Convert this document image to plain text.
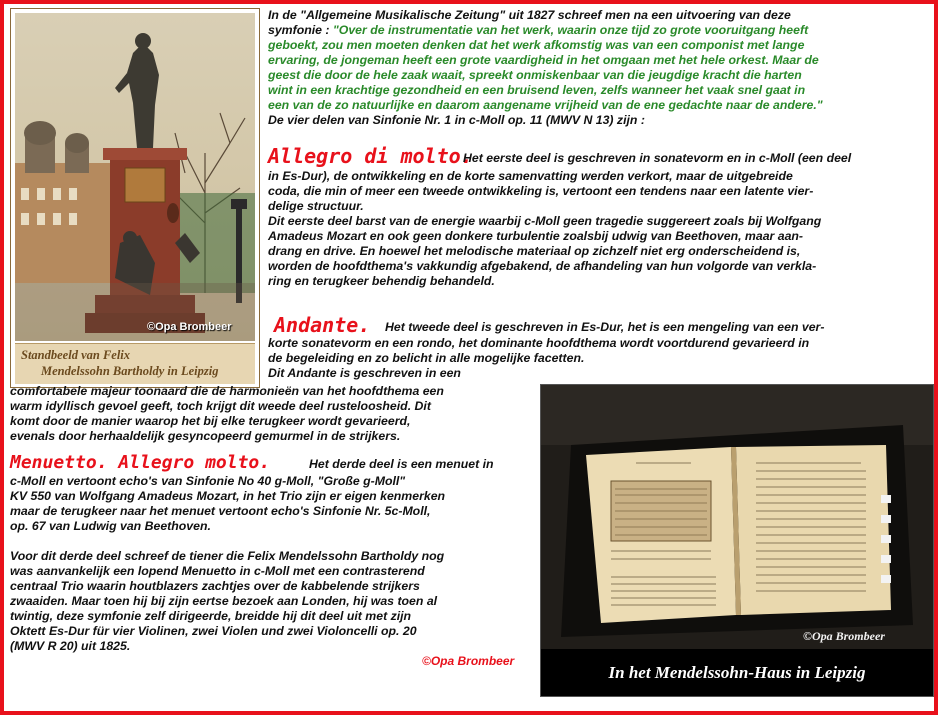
©Opa Brombeer
Standbeeld van Felix
Mendelssohn Bartholdy in Leipzig
In de "Allgemeine Musikalische Zeitung" uit 1827 schreef men na een uitvoering van deze
symfonie : "Over de instrumentatie van het werk, waarin onze tijd zo grote vooruitgang heeft
geboekt, zou men moeten denken dat het werk afkomstig was van een componist met lange
ervaring, de jongeman heeft een grote vaardigheid in het omgaan met het hele orkest. Maar de
geest die door de hele zaak waait, spreekt onmiskenbaar van die jeugdige kracht die harten
wint in een krachtige gezondheid en een bruisend leven, zelfs wanneer het vaak snel gaat in
een van de zo natuurlijke en daarom aangename vrijheid van de ene gedachte naar de andere."
De vier delen van Sinfonie Nr. 1 in c-Moll op. 11 (MWV N 13) zijn :
Allegro di molto.
Het eerste deel is geschreven in sonatevorm en in c-Moll (een deel
in Es-Dur), de ontwikkeling en de korte samenvatting werden verkort, maar de uitgebreide
coda, die min of meer een tweede ontwikkeling is, vertoont een tendens naar een latente vier-
delige structuur.
Dit eerste deel barst van de energie waarbij c-Moll geen tragedie suggereert zoals bij Wolfgang
Amadeus Mozart en ook geen donkere turbulentie zoalsbij udwig van Beethoven, maar aan-
drang en drive. En hoewel het melodische materiaal op zichzelf niet erg onderscheidend is,
worden de hoofdthema's vakkundig afgebakend, de afhandeling van hun volgorde van verkla-
ring en terugkeer behendig behandeld.
Andante. Het tweede deel is geschreven in Es-Dur, het is een mengeling van een ver-
korte sonatevorm en een rondo, het dominante hoofdthema wordt voortdurend gevarieerd in
de begeleiding en zo belicht in alle mogelijke facetten.
Dit Andante is geschreven in een
comfortabele majeur toonaard die de harmonieën van het hoofdthema een
warm idyllisch gevoel geeft, toch krijgt dit weede deel rusteloosheid. Dit
komt door de manier waarop het bij elke terugkeer wordt gevarieerd,
evenals door herhaaldelijk gesyncopeerd gemurmel in de strijkers.
Menuetto. Allegro molto.	Het derde deel is een menuet in
c-Moll en vertoont echo's van Sinfonie No 40 g-Moll, "Große g-Moll"
KV 550 van Wolfgang Amadeus Mozart, in het Trio zijn er eigen kenmerken
maar de terugkeer naar het menuet vertoont echo's Sinfonie Nr. 5c-Moll,
op. 67 van Ludwig van Beethoven.
Voor dit derde deel schreef de tiener die Felix Mendelssohn Bartholdy nog
was aanvankelijk een lopend Menuetto in c-Moll met een contrasterend
centraal Trio waarin houtblazers zachtjes over de kabbelende strijkers
zwaaiden. Maar toen hij bij zijn eertse bezoek aan Londen, hij was toen al
twintig, deze symfonie zelf dirigeerde, breidde hij dit deel uit met zijn
Oktett Es-Dur für vier Violinen, zwei Violen und zwei Violoncelli op. 20
(MWV R 20) uit 1825.
©Opa Brombeer
©Opa Brombeer
In het Mendelssohn-Haus in Leipzig
